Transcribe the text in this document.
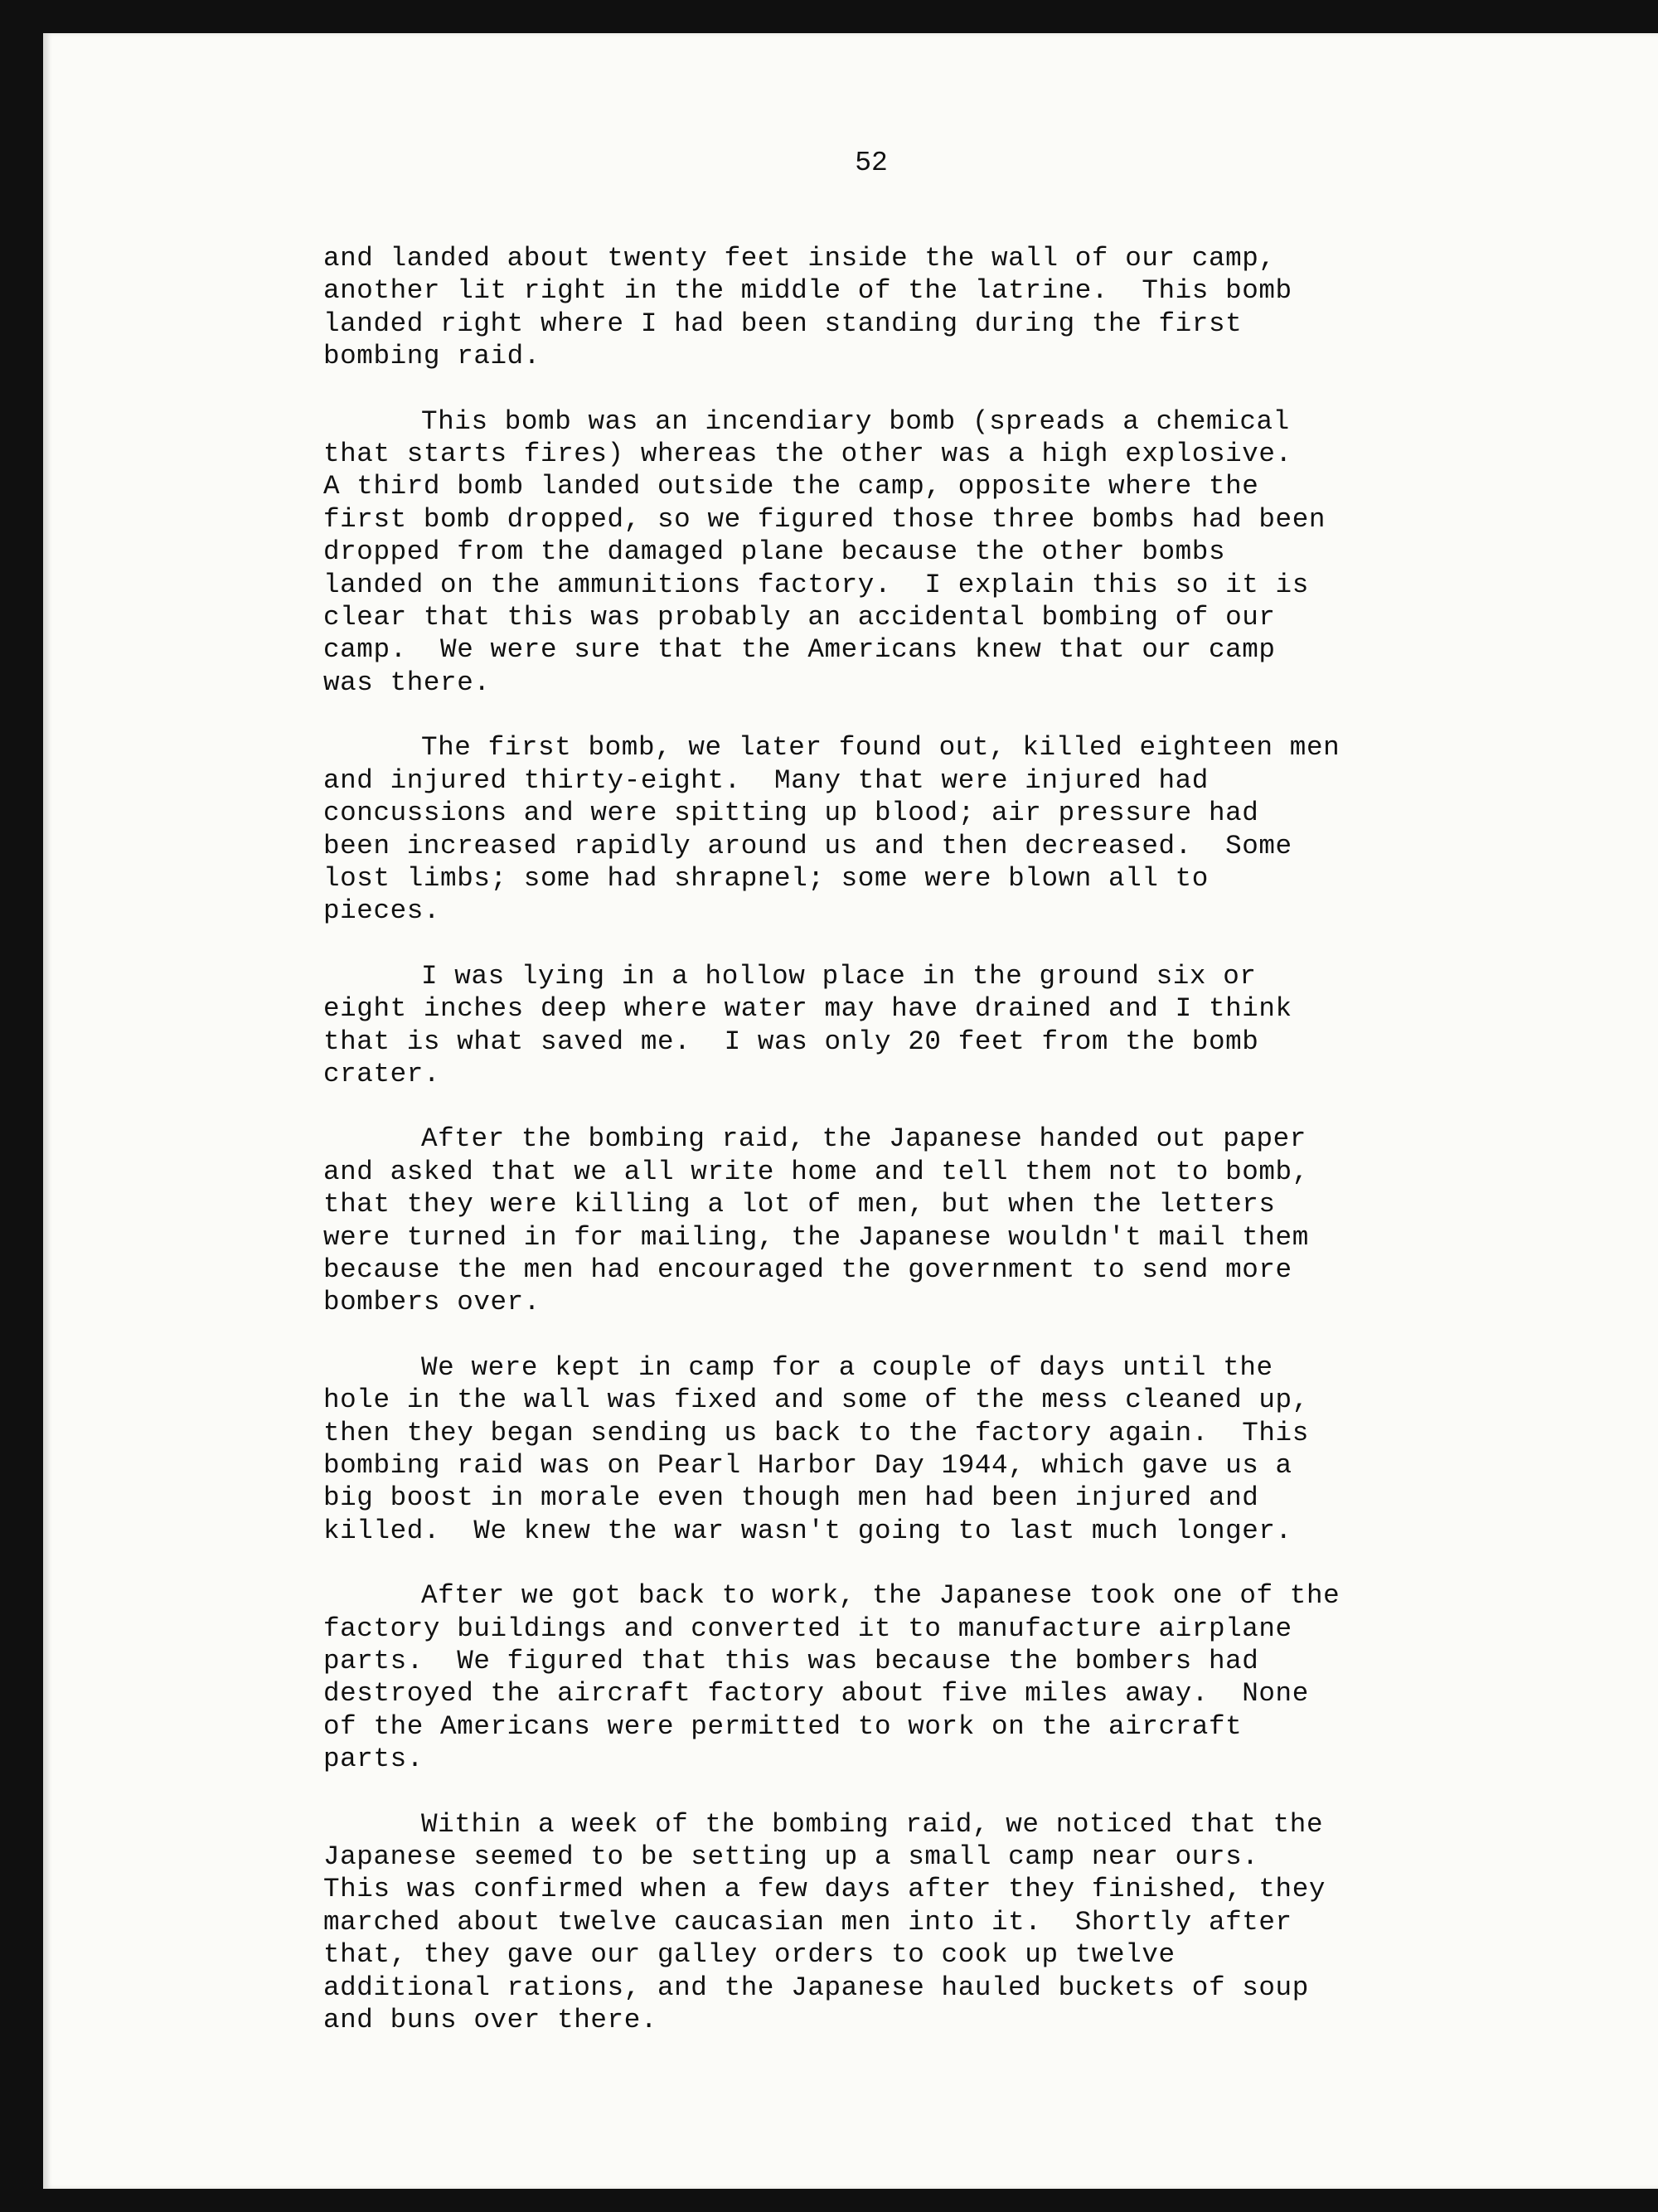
52
and landed about twenty feet inside the wall of our camp,
another lit right in the middle of the latrine.  This bomb
landed right where I had been standing during the first
bombing raid.
This bomb was an incendiary bomb (spreads a chemical
that starts fires) whereas the other was a high explosive.
A third bomb landed outside the camp, opposite where the
first bomb dropped, so we figured those three bombs had been
dropped from the damaged plane because the other bombs
landed on the ammunitions factory.  I explain this so it is
clear that this was probably an accidental bombing of our
camp.  We were sure that the Americans knew that our camp
was there.
The first bomb, we later found out, killed eighteen men
and injured thirty-eight.  Many that were injured had
concussions and were spitting up blood; air pressure had
been increased rapidly around us and then decreased.  Some
lost limbs; some had shrapnel; some were blown all to
pieces.
I was lying in a hollow place in the ground six or
eight inches deep where water may have drained and I think
that is what saved me.  I was only 20 feet from the bomb
crater.
After the bombing raid, the Japanese handed out paper
and asked that we all write home and tell them not to bomb,
that they were killing a lot of men, but when the letters
were turned in for mailing, the Japanese wouldn't mail them
because the men had encouraged the government to send more
bombers over.
We were kept in camp for a couple of days until the
hole in the wall was fixed and some of the mess cleaned up,
then they began sending us back to the factory again.  This
bombing raid was on Pearl Harbor Day 1944, which gave us a
big boost in morale even though men had been injured and
killed.  We knew the war wasn't going to last much longer.
After we got back to work, the Japanese took one of the
factory buildings and converted it to manufacture airplane
parts.  We figured that this was because the bombers had
destroyed the aircraft factory about five miles away.  None
of the Americans were permitted to work on the aircraft
parts.
Within a week of the bombing raid, we noticed that the
Japanese seemed to be setting up a small camp near ours.
This was confirmed when a few days after they finished, they
marched about twelve caucasian men into it.  Shortly after
that, they gave our galley orders to cook up twelve
additional rations, and the Japanese hauled buckets of soup
and buns over there.
